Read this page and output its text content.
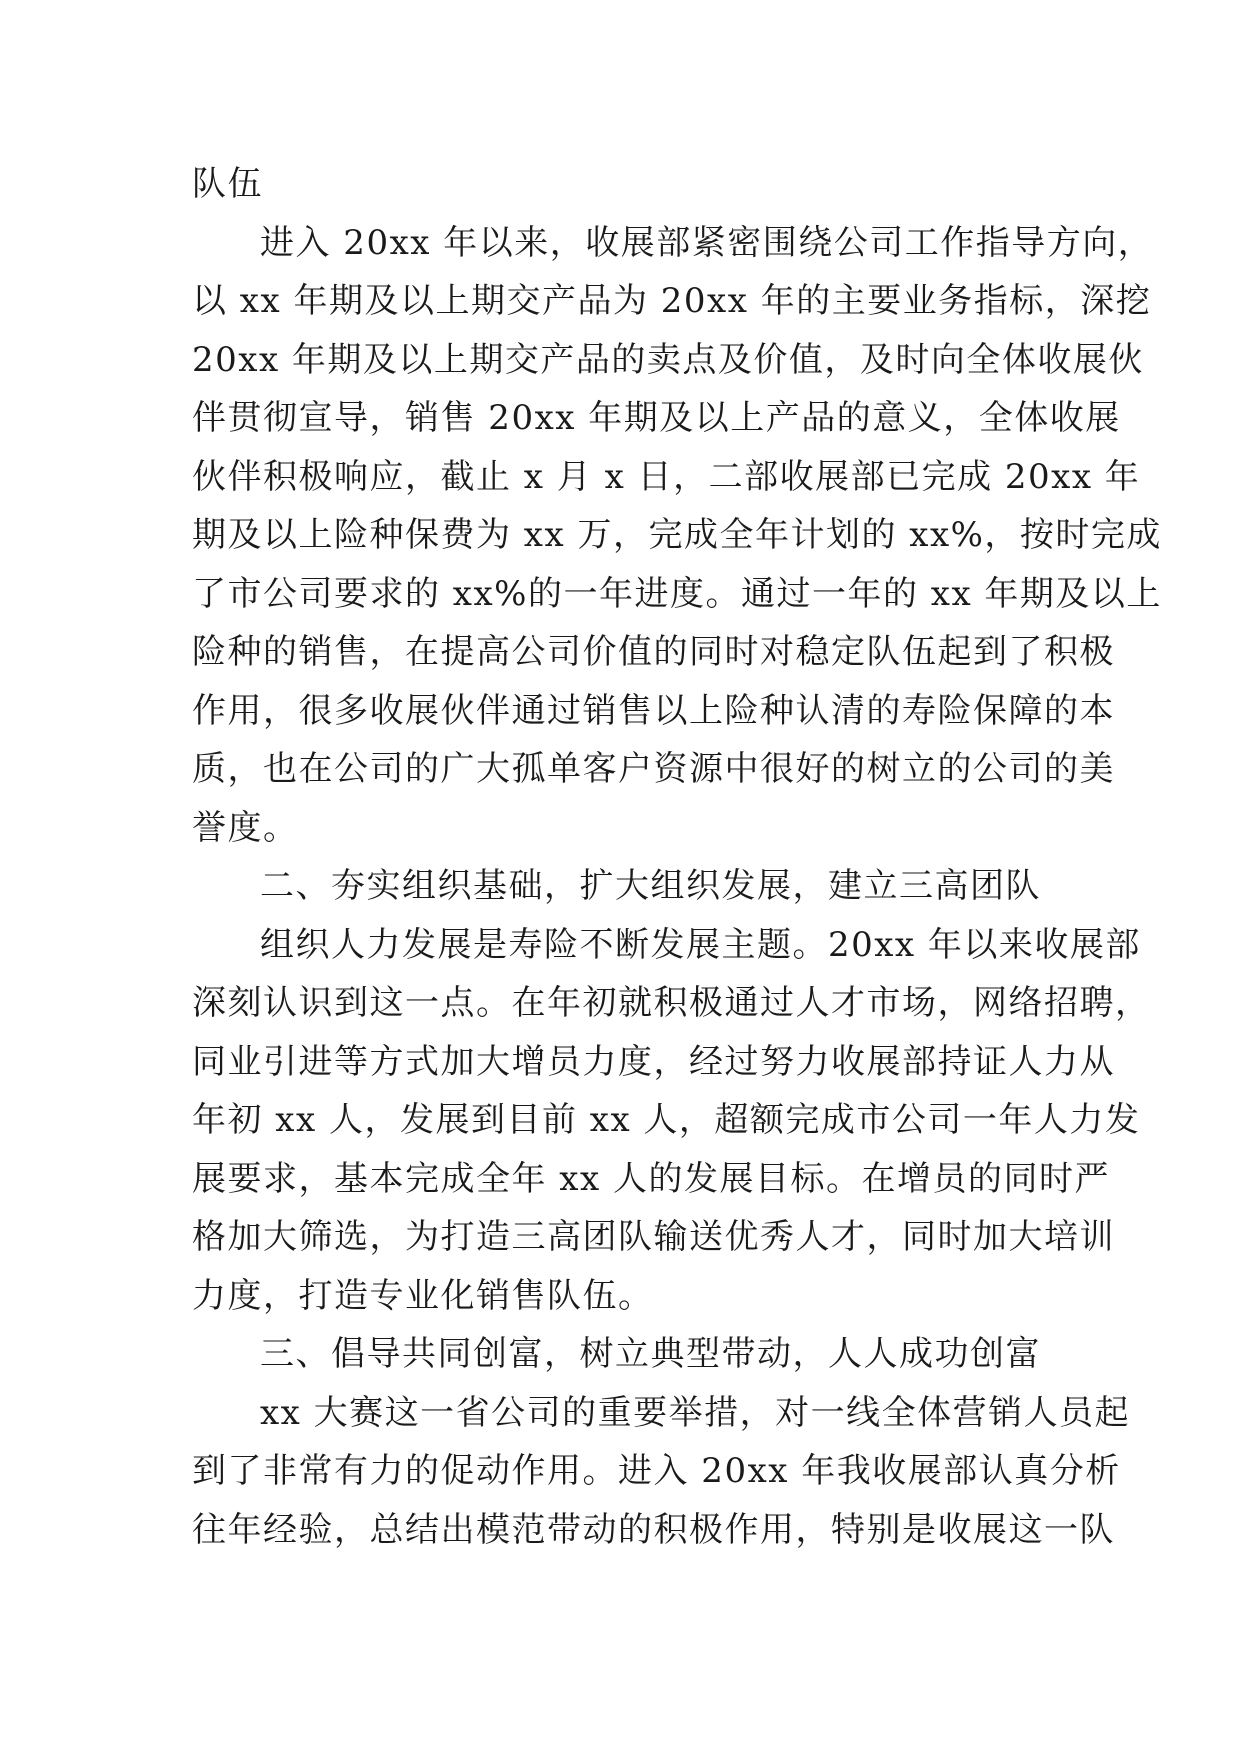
队伍
进入 20xx 年以来，收展部紧密围绕公司工作指导方向，
以 xx 年期及以上期交产品为 20xx 年的主要业务指标，深挖
20xx 年期及以上期交产品的卖点及价值，及时向全体收展伙
伴贯彻宣导，销售 20xx 年期及以上产品的意义，全体收展
伙伴积极响应，截止 x 月 x 日，二部收展部已完成 20xx 年
期及以上险种保费为 xx 万，完成全年计划的 xx%，按时完成
了市公司要求的 xx%的一年进度。通过一年的 xx 年期及以上
险种的销售，在提高公司价值的同时对稳定队伍起到了积极
作用，很多收展伙伴通过销售以上险种认清的寿险保障的本
质，也在公司的广大孤单客户资源中很好的树立的公司的美
誉度。
二、夯实组织基础，扩大组织发展，建立三高团队
组织人力发展是寿险不断发展主题。20xx 年以来收展部
深刻认识到这一点。在年初就积极通过人才市场，网络招聘，
同业引进等方式加大增员力度，经过努力收展部持证人力从
年初 xx 人，发展到目前 xx 人，超额完成市公司一年人力发
展要求，基本完成全年 xx 人的发展目标。在增员的同时严
格加大筛选，为打造三高团队输送优秀人才，同时加大培训
力度，打造专业化销售队伍。
三、倡导共同创富，树立典型带动，人人成功创富
xx 大赛这一省公司的重要举措，对一线全体营销人员起
到了非常有力的促动作用。进入 20xx 年我收展部认真分析
往年经验，总结出模范带动的积极作用，特别是收展这一队
